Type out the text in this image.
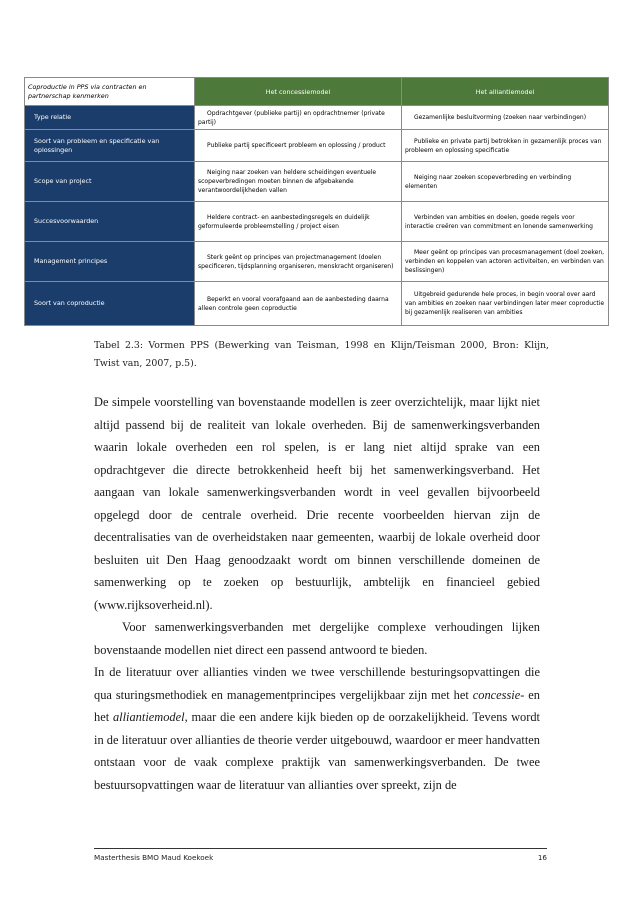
Coproductie in PPS via contracten en partnerschap kenmerken	Het concessiemodel	Het alliantiemodel
Type relatie	Opdrachtgever (publieke partij) en opdrachtnemer (private partij)	Gezamenlijke besluitvorming (zoeken naar verbindingen)

Soort van probleem en specificatie van oplossingen	Publieke partij specificeert probleem en oplossing / product	Publieke en private partij betrokken in gezamenlijk proces van probleem en oplossing specificatie

Scope van project	Neiging naar zoeken van heldere scheidingen eventuele scopeverbredingen moeten binnen de afgebakende verantwoordelijkheden vallen	Neiging naar zoeken scopeverbreding en verbinding elementen

Succesvoorwaarden	Heldere contract- en aanbestedingsregels en duidelijk geformuleerde probleemstelling / project eisen	Verbinden van ambities en doelen, goede regels voor interactie creëren van commitment en lonende samenwerking

Management principes	Sterk geënt op principes van projectmanagement (doelen specificeren, tijdsplanning organiseren, menskracht organiseren)	Meer geënt op principes van procesmanagement (doel zoeken, verbinden en koppelen van actoren activiteiten, en verbinden van beslissingen)

Soort van coproductie	Beperkt en vooral voorafgaand aan de aanbesteding daarna alleen controle geen coproductie	Uitgebreid gedurende hele proces, in begin vooral over aard van ambities en zoeken naar verbindingen later meer coproductie bij gezamenlijk realiseren van ambities
Tabel 2.3: Vormen PPS (Bewerking van Teisman, 1998 en Klijn/Teisman 2000, Bron: Klijn, Twist van, 2007, p.5).

De simpele voorstelling van bovenstaande modellen is zeer overzichtelijk, maar lijkt niet altijd passend bij de realiteit van lokale overheden. Bij de samenwerkingsverbanden waarin lokale overheden een rol spelen, is er lang niet altijd sprake van een opdrachtgever die directe betrokkenheid heeft bij het samenwerkingsverband. Het aangaan van lokale samenwerkingsverbanden wordt in veel gevallen bijvoorbeeld opgelegd door de centrale overheid. Drie recente voorbeelden hiervan zijn de decentralisaties van de overheidstaken naar gemeenten, waarbij de lokale overheid door besluiten uit Den Haag genoodzaakt wordt om binnen verschillende domeinen de samenwerking op te zoeken op bestuurlijk, ambtelijk en financieel gebied (www.rijksoverheid.nl).

Voor samenwerkingsverbanden met dergelijke complexe verhoudingen lijken bovenstaande modellen niet direct een passend antwoord te bieden.

In de literatuur over allianties vinden we twee verschillende besturingsopvattingen die qua sturingsmethodiek en managementprincipes vergelijkbaar zijn met het concessie- en het alliantiemodel, maar die een andere kijk bieden op de oorzakelijkheid. Tevens wordt in de literatuur over allianties de theorie verder uitgebouwd, waardoor er meer handvatten ontstaan voor de vaak complexe praktijk van samenwerkingsverbanden. De twee bestuursopvattingen waar de literatuur van allianties over spreekt, zijn de

Masterthesis BMO Maud Koekoek	16
